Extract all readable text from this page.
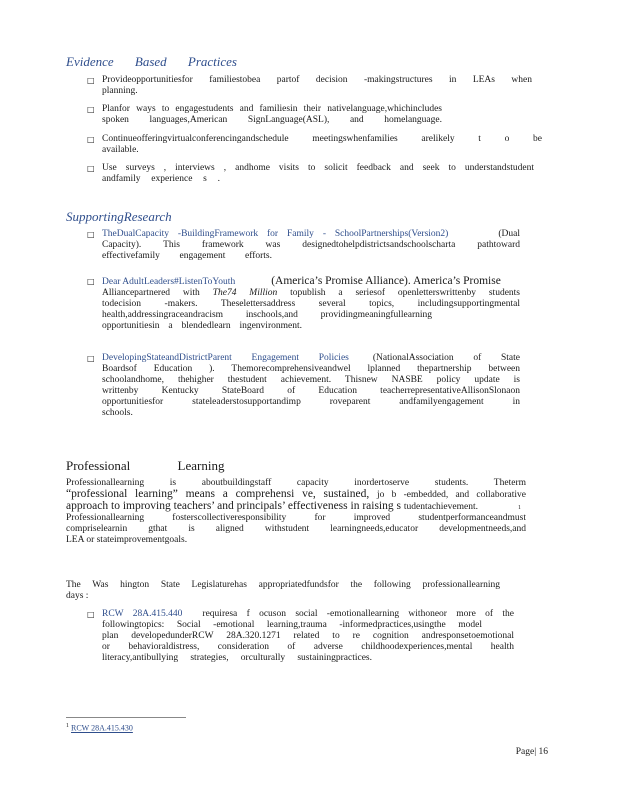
Evidence Based Practices
□ Provideopportunitiesfor familiestobea partof decision -makingstructures in LEAs when
planning.
□ Planfor ways to engagestudents and familiesin their nativelanguage,whichincludes
spoken languages,American SignLanguage(ASL), and homelanguage.
□ Continueofferingvirtualconferencingandschedule meetingswhenfamilies arelikely t o be
available.
□ Use surveys , interviews , andhome visits to solicit feedback and seek to understandstudent
andfamily experience s .
SupportingResearch
□ TheDualCapacity -BuildingFramework for Family - SchoolPartnerships(Version2)	(Dual
Capacity). This framework was designedtohelpdistrictsandschoolscharta pathtoward
effectivefamily engagement efforts.
□ Dear AdultLeaders#ListenToYouth	(America’s Promise Alliance). America’s Promise
Alliancepartnered with The74 Million topublish a seriesof openletterswrittenby students
todecision -makers. Theselettersaddress several topics, includingsupportingmental
health,addressingraceandracism inschools,and providingmeaningfullearning
opportunitiesin a blendedlearn ingenvironment.
□ DevelopingStateandDistrictParent Engagement Policies	(NationalAssociation of State
Boardsof Education ). Themorecomprehensiveandwel lplanned thepartnership between
schoolandhome, thehigher thestudent achievement. Thisnew NASBE policy update is
writtenby Kentucky StateBoard of Education teacherrepresentativeAllisonSlonaon
opportunitiesfor stateleaderstosupportandimp roveparent andfamilyengagement in
schools.
Professional Learning
Professionallearning is aboutbuildingstaff capacity inordertoserve students. Theterm
“professional learning” means a comprehensi ve, sustained, jo b -embedded, and collaborative
approach to improving teachers’ and principals’ effectiveness in raising s tudentachievement.
Professionallearning fosterscollectiveresponsibility for improved studentperformanceandmust
compriselearnin gthat is aligned withstudent learningneeds,educator developmentneeds,and
LEA or stateimprovementgoals.
1
The Was hington State Legislaturehas appropriatedfundsfor the following professionallearning
days :
□ RCW 28A.415.440 requiresa f ocuson social -emotionallearning withoneor more of the
followingtopics: Social -emotional learning,trauma -informedpractices,usingthe model
plan developedunderRCW 28A.320.1271 related to re cognition andresponsetoemotional
or behavioraldistress, consideration of adverse childhoodexperiences,mental health
literacy,antibullying strategies, orculturally sustainingpractices.
$^1$ RCW 28A.415.430
Page| 16
